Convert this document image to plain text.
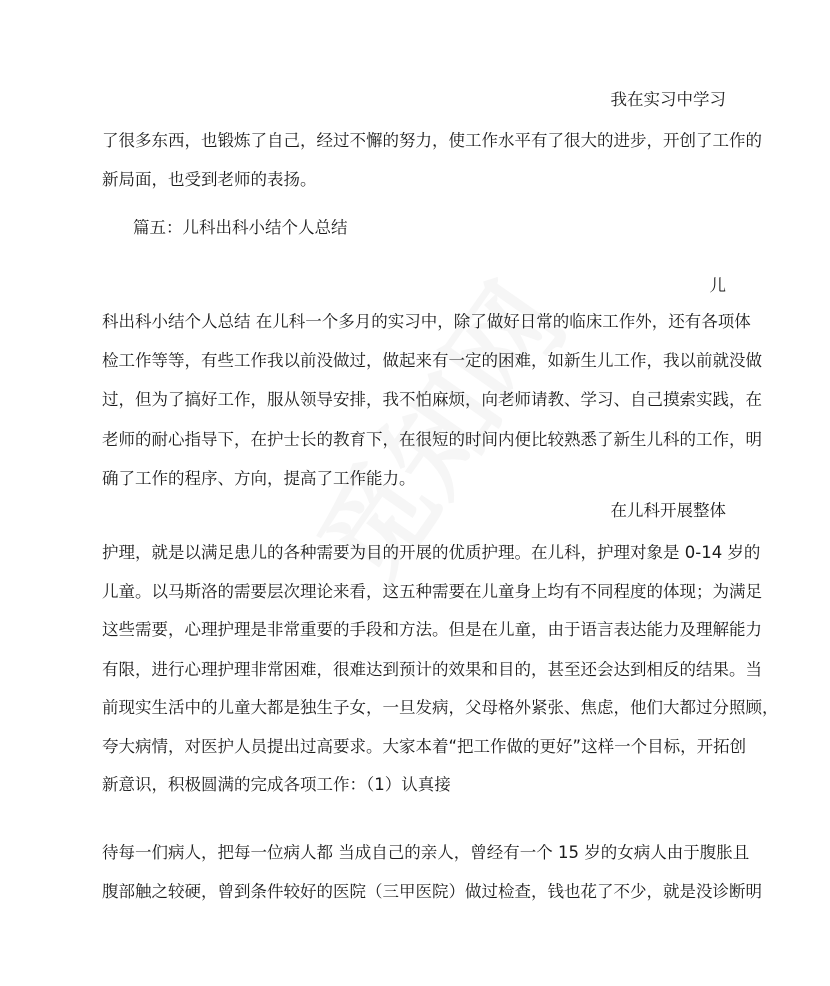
我在实习中学习
了很多东西，也锻炼了自己，经过不懈的努力，使工作水平有了很大的进步，开创了工作的
新局面，也受到老师的表扬。
篇五：儿科出科小结个人总结
儿
科出科小结个人总结 在儿科一个多月的实习中，除了做好日常的临床工作外，还有各项体
检工作等等，有些工作我以前没做过，做起来有一定的困难，如新生儿工作，我以前就没做
过，但为了搞好工作，服从领导安排，我不怕麻烦，向老师请教、学习、自己摸索实践，在
老师的耐心指导下，在护士长的教育下，在很短的时间内便比较熟悉了新生儿科的工作，明
确了工作的程序、方向，提高了工作能力。
在儿科开展整体
护理，就是以满足患儿的各种需要为目的开展的优质护理。在儿科，护理对象是 0-14 岁的
儿童。以马斯洛的需要层次理论来看，这五种需要在儿童身上均有不同程度的体现；为满足
这些需要，心理护理是非常重要的手段和方法。但是在儿童，由于语言表达能力及理解能力
有限，进行心理护理非常困难，很难达到预计的效果和目的，甚至还会达到相反的结果。当
前现实生活中的儿童大都是独生子女，一旦发病，父母格外紧张、焦虑，他们大都过分照顾，
夸大病情，对医护人员提出过高要求。大家本着“把工作做的更好”这样一个目标，开拓创
新意识，积极圆满的完成各项工作：（1）认真接
待每一们病人，把每一位病人都 当成自己的亲人，曾经有一个 15 岁的女病人由于腹胀且
腹部触之较硬，曾到条件较好的医院（三甲医院）做过检查，钱也花了不少，就是没诊断明
